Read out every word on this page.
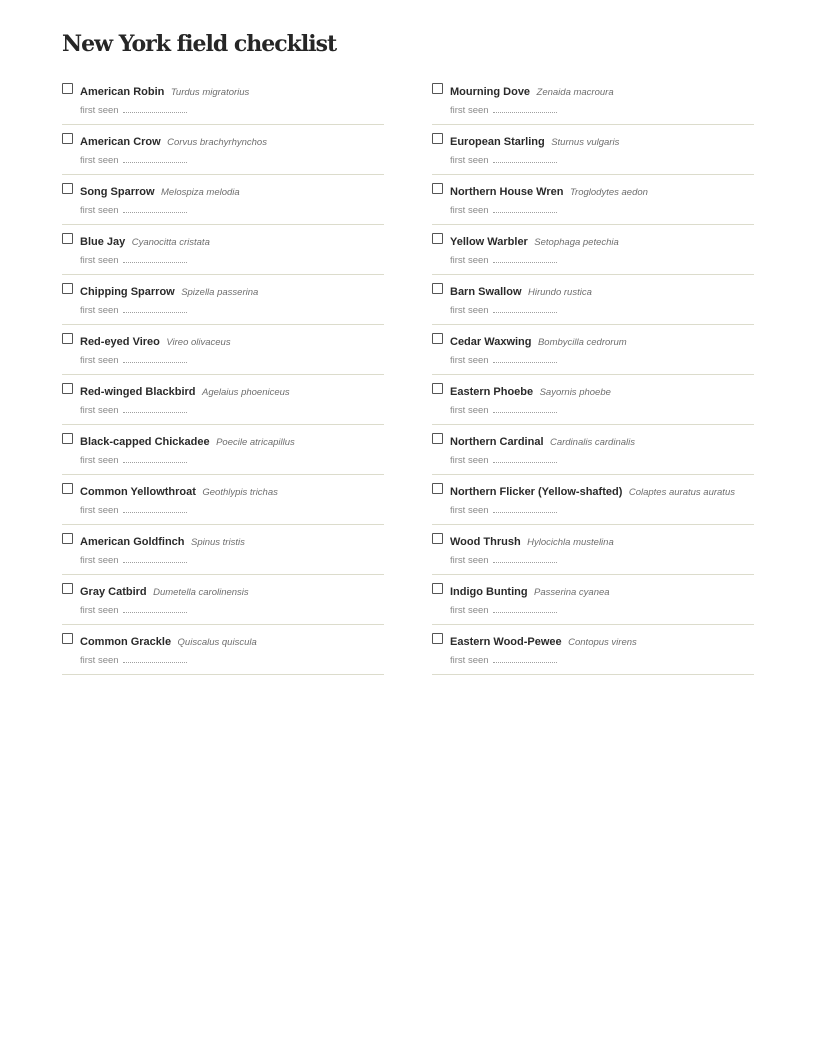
New York field checklist
American Robin Turdus migratorius
first seen
American Crow Corvus brachyrhynchos
first seen
Song Sparrow Melospiza melodia
first seen
Blue Jay Cyanocitta cristata
first seen
Chipping Sparrow Spizella passerina
first seen
Red-eyed Vireo Vireo olivaceus
first seen
Red-winged Blackbird Agelaius phoeniceus
first seen
Black-capped Chickadee Poecile atricapillus
first seen
Common Yellowthroat Geothlypis trichas
first seen
American Goldfinch Spinus tristis
first seen
Gray Catbird Dumetella carolinensis
first seen
Common Grackle Quiscalus quiscula
first seen
Mourning Dove Zenaida macroura
first seen
European Starling Sturnus vulgaris
first seen
Northern House Wren Troglodytes aedon
first seen
Yellow Warbler Setophaga petechia
first seen
Barn Swallow Hirundo rustica
first seen
Cedar Waxwing Bombycilla cedrorum
first seen
Eastern Phoebe Sayornis phoebe
first seen
Northern Cardinal Cardinalis cardinalis
first seen
Northern Flicker (Yellow-shafted) Colaptes auratus auratus
first seen
Wood Thrush Hylocichla mustelina
first seen
Indigo Bunting Passerina cyanea
first seen
Eastern Wood-Pewee Contopus virens
first seen
